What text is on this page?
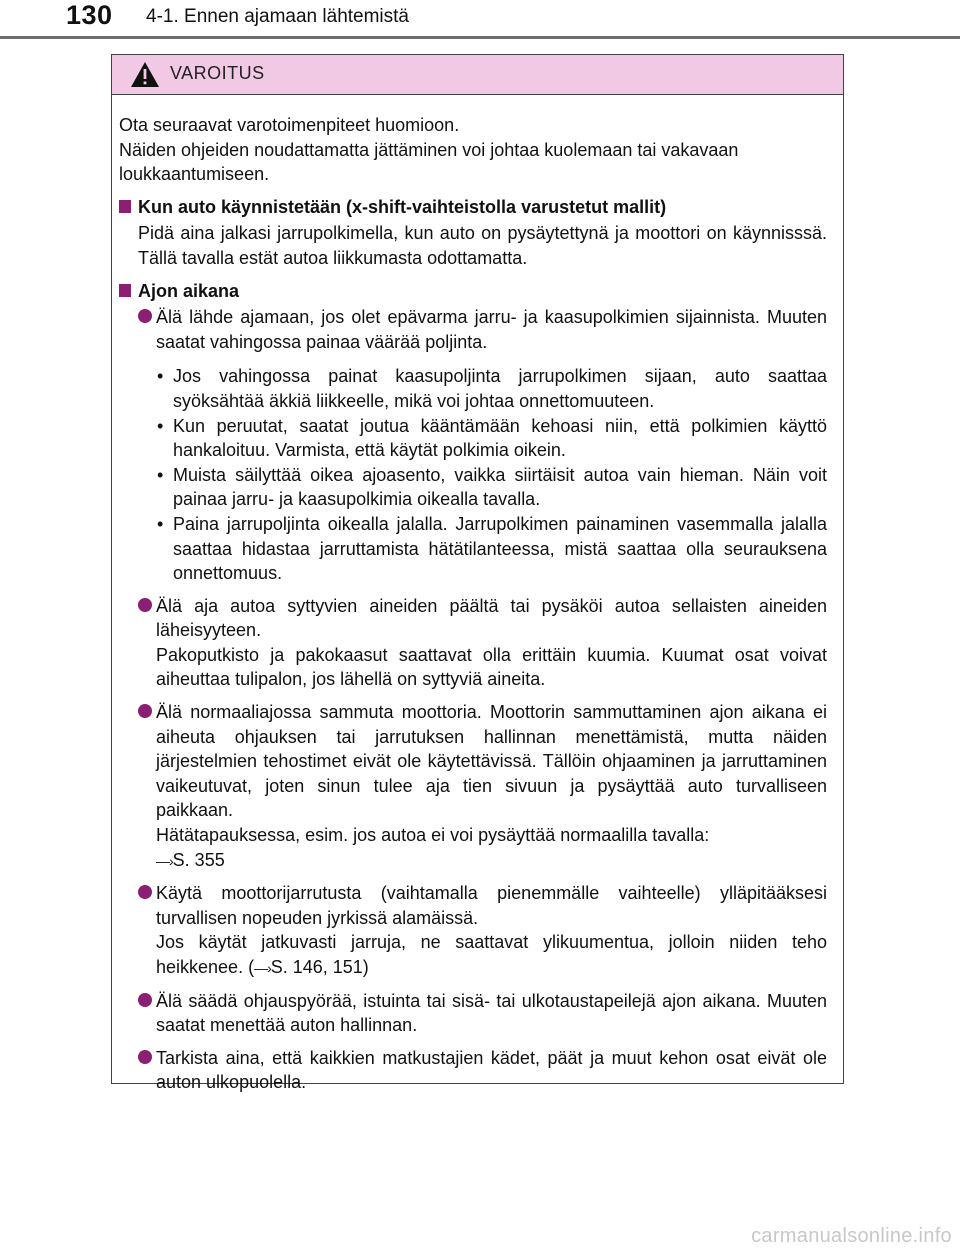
130 4-1. Ennen ajamaan lähtemistä
VAROITUS

Ota seuraavat varotoimenpiteet huomioon.

Näiden ohjeiden noudattamatta jättäminen voi johtaa kuolemaan tai vakavaan loukkaantumiseen.

Kun auto käynnistetään (x-shift-vaihteistolla varustetut mallit)

Pidä aina jalkasi jarrupolkimella, kun auto on pysäytettynä ja moottori on käynnisssä. Tällä tavalla estät autoa liikkumasta odottamatta.

Ajon aikana

Älä lähde ajamaan, jos olet epävarma jarru- ja kaasupolkimien sijainnista. Muuten saatat vahingossa painaa väärää poljinta.

• Jos vahingossa painat kaasupoljinta jarrupolkimen sijaan, auto saattaa syöksähtää äkkiä liikkeelle, mikä voi johtaa onnettomuuteen.
• Kun peruutat, saatat joutua kääntämään kehoasi niin, että polkimien käyttö hankaloituu. Varmista, että käytät polkimia oikein.
• Muista säilyttää oikea ajoasento, vaikka siirtäisit autoa vain hieman. Näin voit painaa jarru- ja kaasupolkimia oikealla tavalla.
• Paina jarrupoljinta oikealla jalalla. Jarrupolkimen painaminen vasemmalla jalalla saattaa hidastaa jarruttamista hätätilanteessa, mistä saattaa olla seurauksena onnettomuus.

Älä aja autoa syttyvien aineiden päältä tai pysäköi autoa sellaisten aineiden läheisyyteen.

Pakoputkisto ja pakokaasut saattavat olla erittäin kuumia. Kuumat osat voivat aiheuttaa tulipalon, jos lähellä on syttyviä aineita.

Älä normaaliajossa sammuta moottoria. Moottorin sammuttaminen ajon aikana ei aiheuta ohjauksen tai jarrutuksen hallinnan menettämistä, mutta näiden järjestelmien tehostimet eivät ole käytettävissä. Tällöin ohjaaminen ja jarruttaminen vaikeutuvat, joten sinun tulee aja tien sivuun ja pysäyttää auto turvalliseen paikkaan.

Hätätapauksessa, esim. jos autoa ei voi pysäyttää normaalilla tavalla:
—›S. 355

Käytä moottorijarrutusta (vaihtamalla pienemmälle vaihteelle) ylläpitääksesi turvallisen nopeuden jyrkissä alamäissä.

Jos käytät jatkuvasti jarruja, ne saattavat ylikuumentua, jolloin niiden teho heikkenee. (—›S. 146, 151)

Älä säädä ohjauspyörää, istuinta tai sisä- tai ulkotaustapeilejä ajon aikana. Muuten saatat menettää auton hallinnan.

Tarkista aina, että kaikkien matkustajien kädet, päät ja muut kehon osat eivät ole auton ulkopuolella.

carmanualsonline.info
